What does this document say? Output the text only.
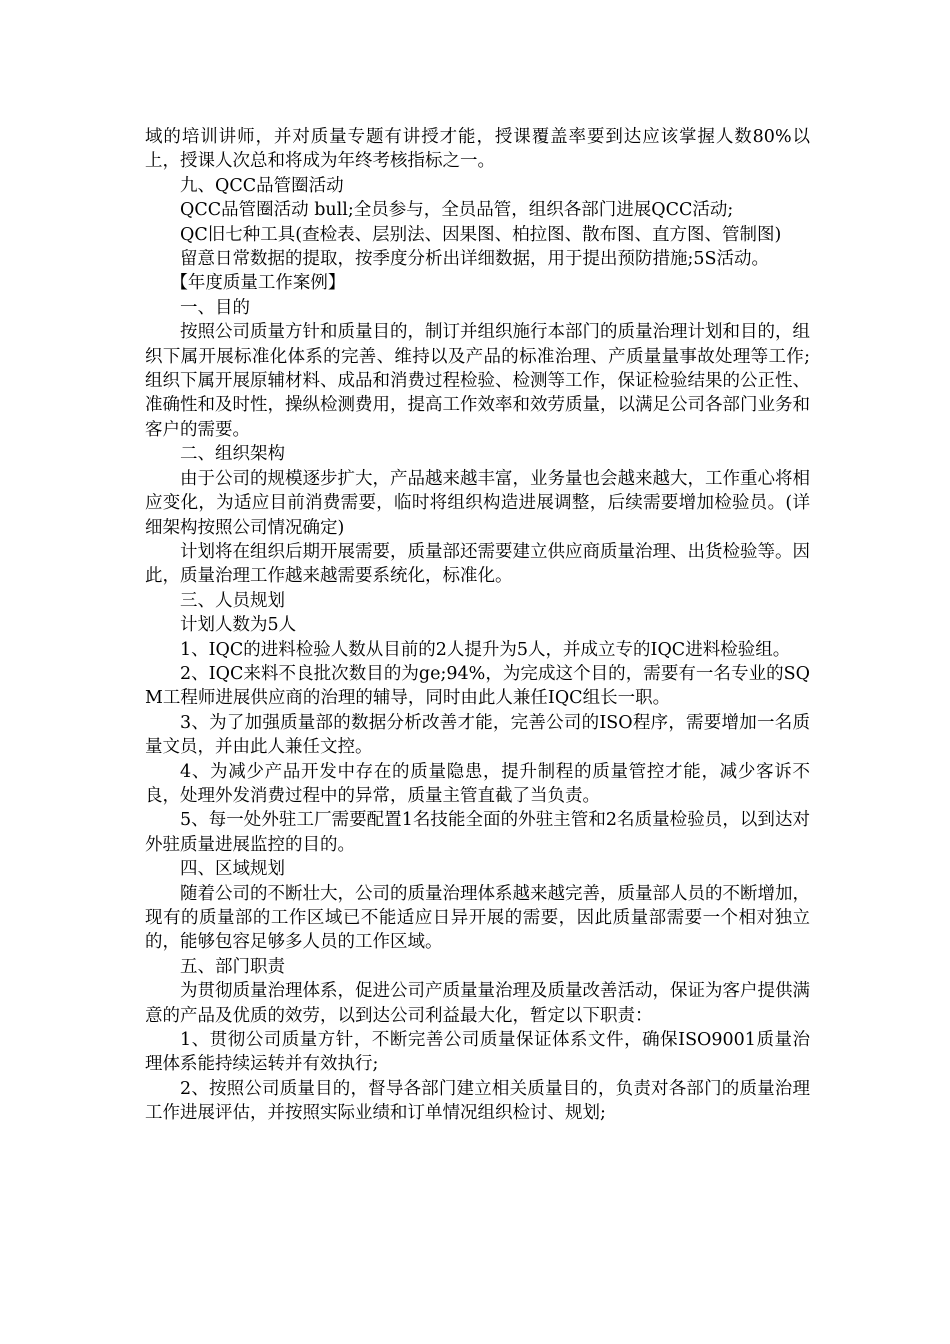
域的培训讲师，并对质量专题有讲授才能，授课覆盖率要到达应该掌握人数80%以上，授课人次总和将成为年终考核指标之一。

九、QCC品管圈活动

QCC品管圈活动 bull;全员参与，全员品管，组织各部门进展QCC活动;

QC旧七种工具(查检表、层别法、因果图、柏拉图、散布图、直方图、管制图)

留意日常数据的提取，按季度分析出详细数据，用于提出预防措施;5S活动。

【年度质量工作案例】

一、目的

按照公司质量方针和质量目的，制订并组织施行本部门的质量治理计划和目的，组织下属开展标准化体系的完善、维持以及产品的标准治理、产质量量事故处理等工作;组织下属开展原辅材料、成品和消费过程检验、检测等工作，保证检验结果的公正性、准确性和及时性，操纵检测费用，提高工作效率和效劳质量，以满足公司各部门业务和客户的需要。

二、组织架构

由于公司的规模逐步扩大，产品越来越丰富，业务量也会越来越大，工作重心将相应变化，为适应目前消费需要，临时将组织构造进展调整，后续需要增加检验员。(详细架构按照公司情况确定)

计划将在组织后期开展需要，质量部还需要建立供应商质量治理、出货检验等。因此，质量治理工作越来越需要系统化，标准化。

三、人员规划

计划人数为5人

1、IQC的进料检验人数从目前的2人提升为5人，并成立专的IQC进料检验组。

2、IQC来料不良批次数目的为ge;94%，为完成这个目的，需要有一名专业的SQM工程师进展供应商的治理的辅导，同时由此人兼任IQC组长一职。

3、为了加强质量部的数据分析改善才能，完善公司的ISO程序，需要增加一名质量文员，并由此人兼任文控。

4、为减少产品开发中存在的质量隐患，提升制程的质量管控才能，减少客诉不良，处理外发消费过程中的异常，质量主管直截了当负责。

5、每一处外驻工厂需要配置1名技能全面的外驻主管和2名质量检验员，以到达对外驻质量进展监控的目的。

四、区域规划

随着公司的不断壮大，公司的质量治理体系越来越完善，质量部人员的不断增加，现有的质量部的工作区域已不能适应日异开展的需要，因此质量部需要一个相对独立的，能够包容足够多人员的工作区域。

五、部门职责

为贯彻质量治理体系，促进公司产质量量治理及质量改善活动，保证为客户提供满意的产品及优质的效劳，以到达公司利益最大化，暂定以下职责：

1、贯彻公司质量方针，不断完善公司质量保证体系文件，确保ISO9001质量治理体系能持续运转并有效执行;

2、按照公司质量目的，督导各部门建立相关质量目的，负责对各部门的质量治理工作进展评估，并按照实际业绩和订单情况组织检讨、规划;
